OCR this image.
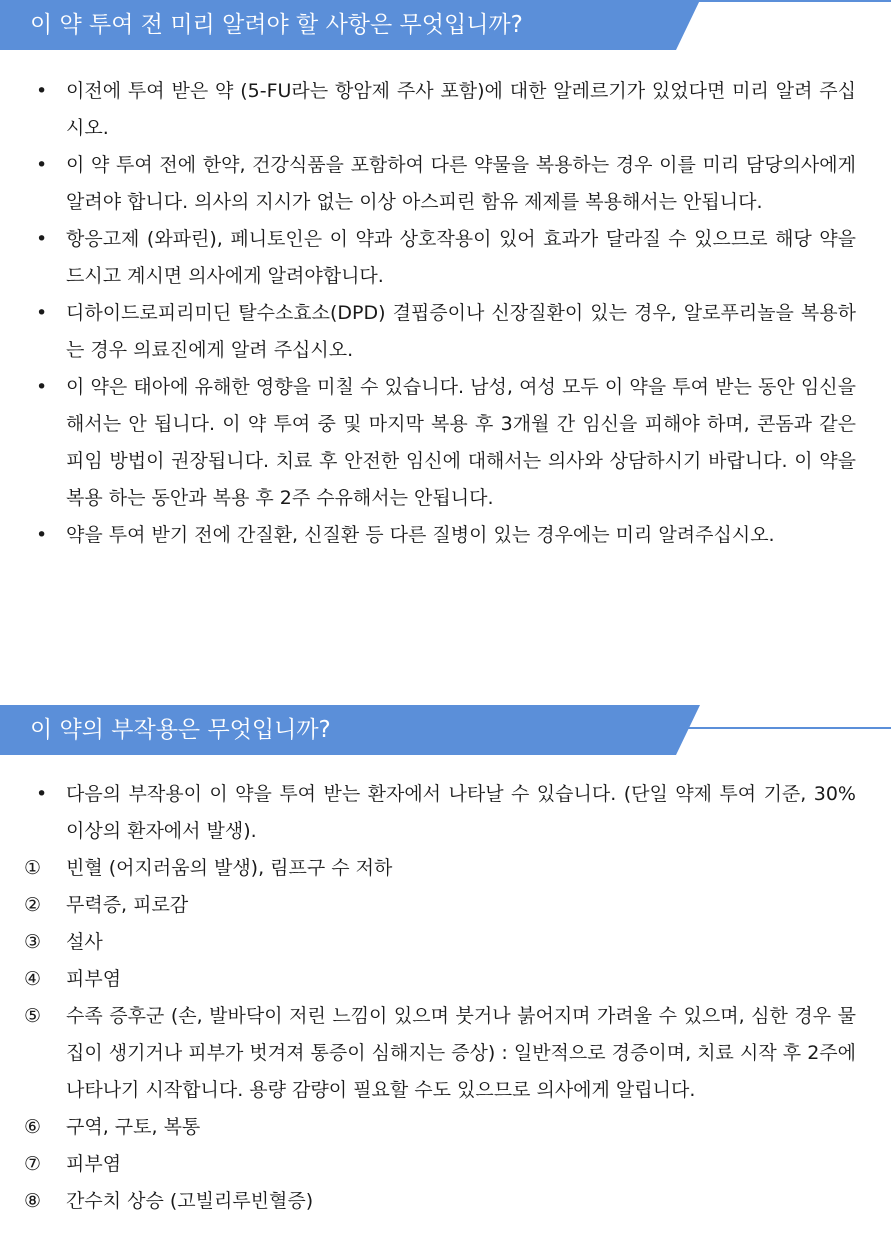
이 약 투여 전 미리 알려야 할 사항은 무엇입니까?
• 이전에 투여 받은 약 (5-FU라는 항암제 주사 포함)에 대한 알레르기가 있었다면 미리 알려 주십시오.
• 이 약 투여 전에 한약, 건강식품을 포함하여 다른 약물을 복용하는 경우 이를 미리 담당의사에게 알려야 합니다. 의사의 지시가 없는 이상 아스피린 함유 제제를 복용해서는 안됩니다.
• 항응고제 (와파린), 페니토인은 이 약과 상호작용이 있어 효과가 달라질 수 있으므로 해당 약을 드시고 계시면 의사에게 알려야합니다.
• 디하이드로피리미딘 탈수소효소(DPD) 결핍증이나 신장질환이 있는 경우, 알로푸리놀을 복용하는 경우 의료진에게 알려 주십시오.
• 이 약은 태아에 유해한 영향을 미칠 수 있습니다. 남성, 여성 모두 이 약을 투여 받는 동안 임신을 해서는 안 됩니다. 이 약 투여 중 및 마지막 복용 후 3개월 간 임신을 피해야 하며, 콘돔과 같은 피임 방법이 권장됩니다. 치료 후 안전한 임신에 대해서는 의사와 상담하시기 바랍니다. 이 약을 복용 하는 동안과 복용 후 2주 수유해서는 안됩니다.
• 약을 투여 받기 전에 간질환, 신질환 등 다른 질병이 있는 경우에는 미리 알려주십시오.
이 약의 부작용은 무엇입니까?
• 다음의 부작용이 이 약을 투여 받는 환자에서 나타날 수 있습니다. (단일 약제 투여 기준, 30% 이상의 환자에서 발생).
① 빈혈 (어지러움의 발생), 림프구 수 저하
② 무력증, 피로감
③ 설사
④ 피부염
⑤ 수족 증후군 (손, 발바닥이 저린 느낌이 있으며 붓거나 붉어지며 가려울 수 있으며, 심한 경우 물집이 생기거나 피부가 벗겨져 통증이 심해지는 증상) : 일반적으로 경증이며, 치료 시작 후 2주에 나타나기 시작합니다. 용량 감량이 필요할 수도 있으므로 의사에게 알립니다.
⑥ 구역, 구토, 복통
⑦ 피부염
⑧ 간수치 상승 (고빌리루빈혈증)
